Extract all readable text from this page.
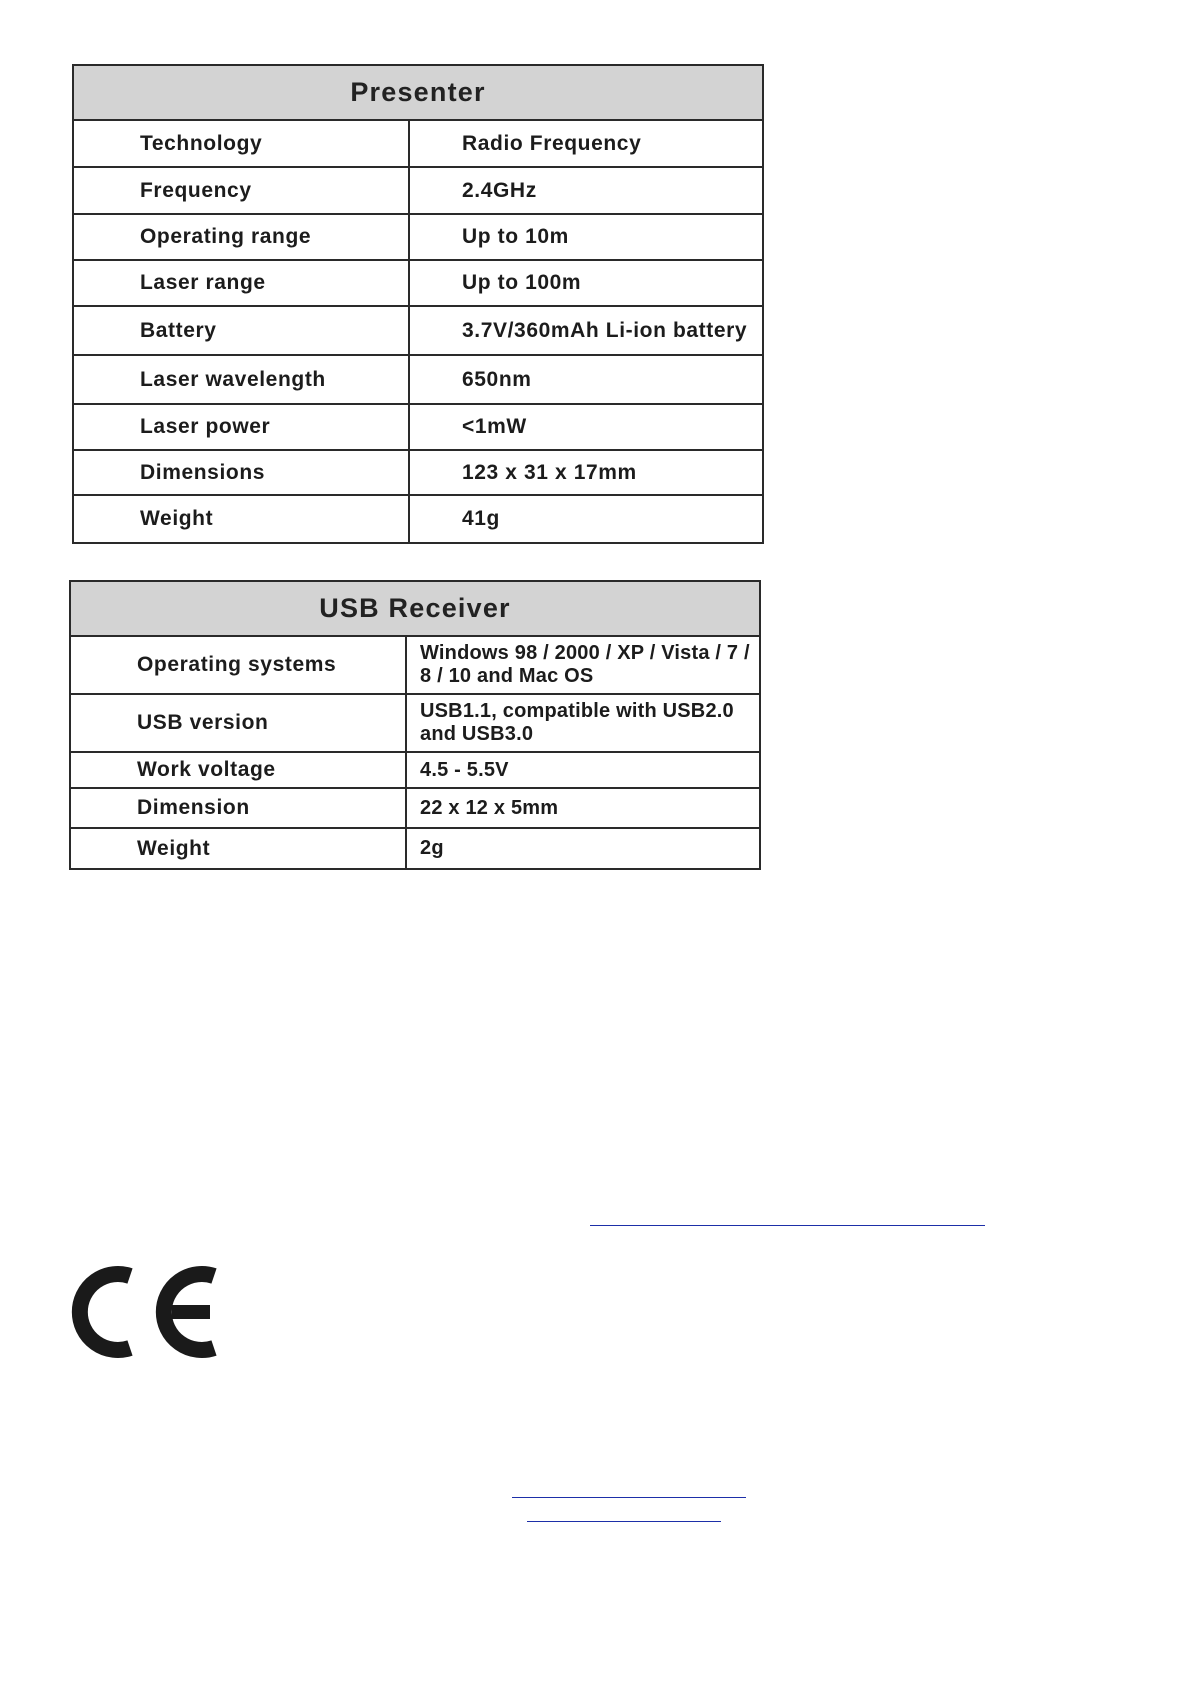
Presenter	
Technology	Radio Frequency
Frequency	2.4GHz
Operating range	Up to 10m
Laser range	Up to 100m
Battery	3.7V/360mAh Li-ion battery
Laser wavelength	650nm
Laser power	<1mW
Dimensions	123 x 31 x 17mm
Weight	41g
USB Receiver	
Operating systems	Windows 98 / 2000 / XP / Vista / 7 / 8 / 10 and Mac OS
USB version	USB1.1, compatible with USB2.0 and USB3.0
Work voltage	4.5 - 5.5V
Dimension	22 x 12 x 5mm
Weight	2g
